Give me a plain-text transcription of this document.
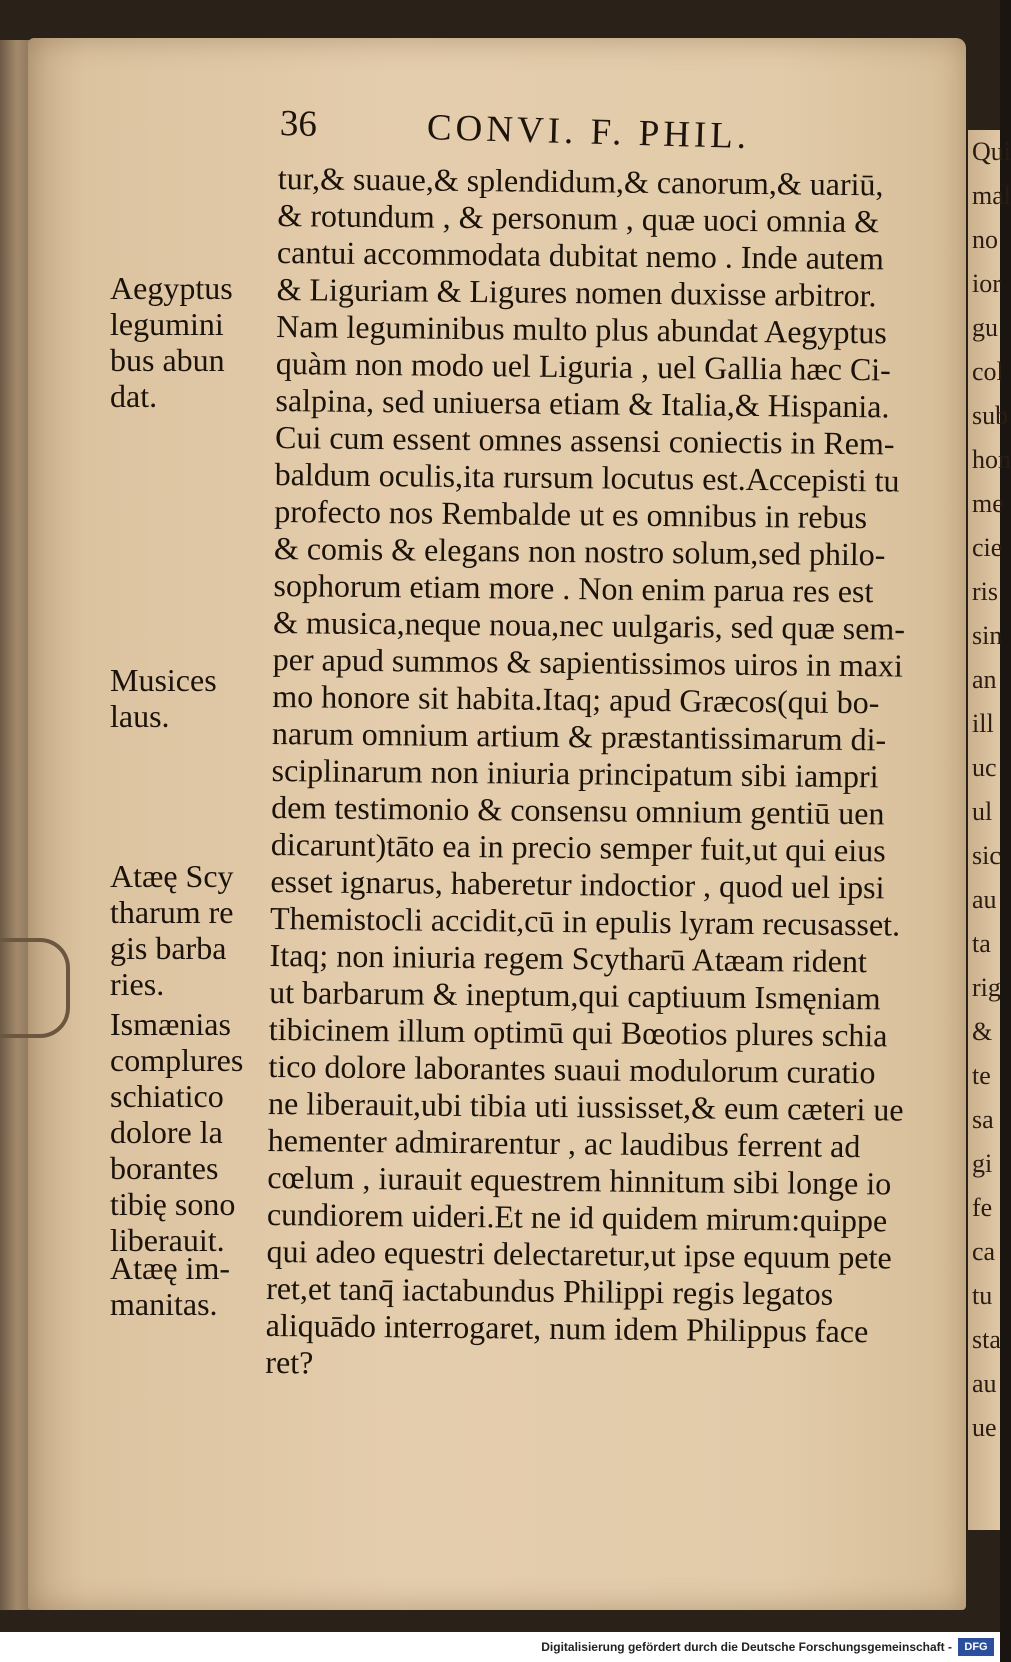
Qui
mal
no
ior
gu
col
sub
hon
me
cie
ris
sin
an
ill
uc
ul
sic
au
ta
rig
&
te
sa
gi
fe
ca
tu
sta
au
ue
36	CONVI. F. PHIL.
tur,& suaue,& splendidum,& canorum,& uariū,
& rotundum , & personum , quæ uoci omnia &
cantui accommodata dubitat nemo . Inde autem
& Liguriam & Ligures nomen duxisse arbitror.
Nam leguminibus multo plus abundat Aegyptus
quàm non modo uel Liguria , uel Gallia hæc Ci-
salpina, sed uniuersa etiam & Italia,& Hispania.
Cui cum essent omnes assensi coniectis in Rem-
baldum oculis,ita rursum locutus est.Accepisti tu
profecto nos Rembalde ut es omnibus in rebus
& comis & elegans non nostro solum,sed philo-
sophorum etiam more . Non enim parua res est
& musica,neque noua,nec uulgaris, sed quæ sem-
per apud summos & sapientissimos uiros in maxi
mo honore sit habita.Itaq; apud Græcos(qui bo-
narum omnium artium & præstantissimarum di-
sciplinarum non iniuria principatum sibi iampri
dem testimonio & consensu omnium gentiū uen
dicarunt)tāto ea in precio semper fuit,ut qui eius
esset ignarus, haberetur indoctior , quod uel ipsi
Themistocli accidit,cū in epulis lyram recusasset.
Itaq; non iniuria regem Scytharū Atæam rident
ut barbarum & ineptum,qui captiuum Ismęniam
tibicinem illum optimū qui Bœotios plures schia
tico dolore laborantes suaui modulorum curatio
ne liberauit,ubi tibia uti iussisset,& eum cæteri ue
hementer admirarentur , ac laudibus ferrent ad
cœlum , iurauit equestrem hinnitum sibi longe io
cundiorem uideri.Et ne id quidem mirum:quippe
qui adeo equestri delectaretur,ut ipse equum pete
ret,et tanq̄ iactabundus Philippi regis legatos
aliquādo interrogaret, num idem Philippus face
ret?
Aegyptus
legumini
bus abun
dat.
Musices
laus.
Atæę Scy
tharum re
gis barba
ries.
Ismænias
complures
schiatico
dolore la
borantes
tibię sono
liberauit.
Atæę im-
manitas.
Digitalisierung gefördert durch die Deutsche Forschungsgemeinschaft -	DFG
